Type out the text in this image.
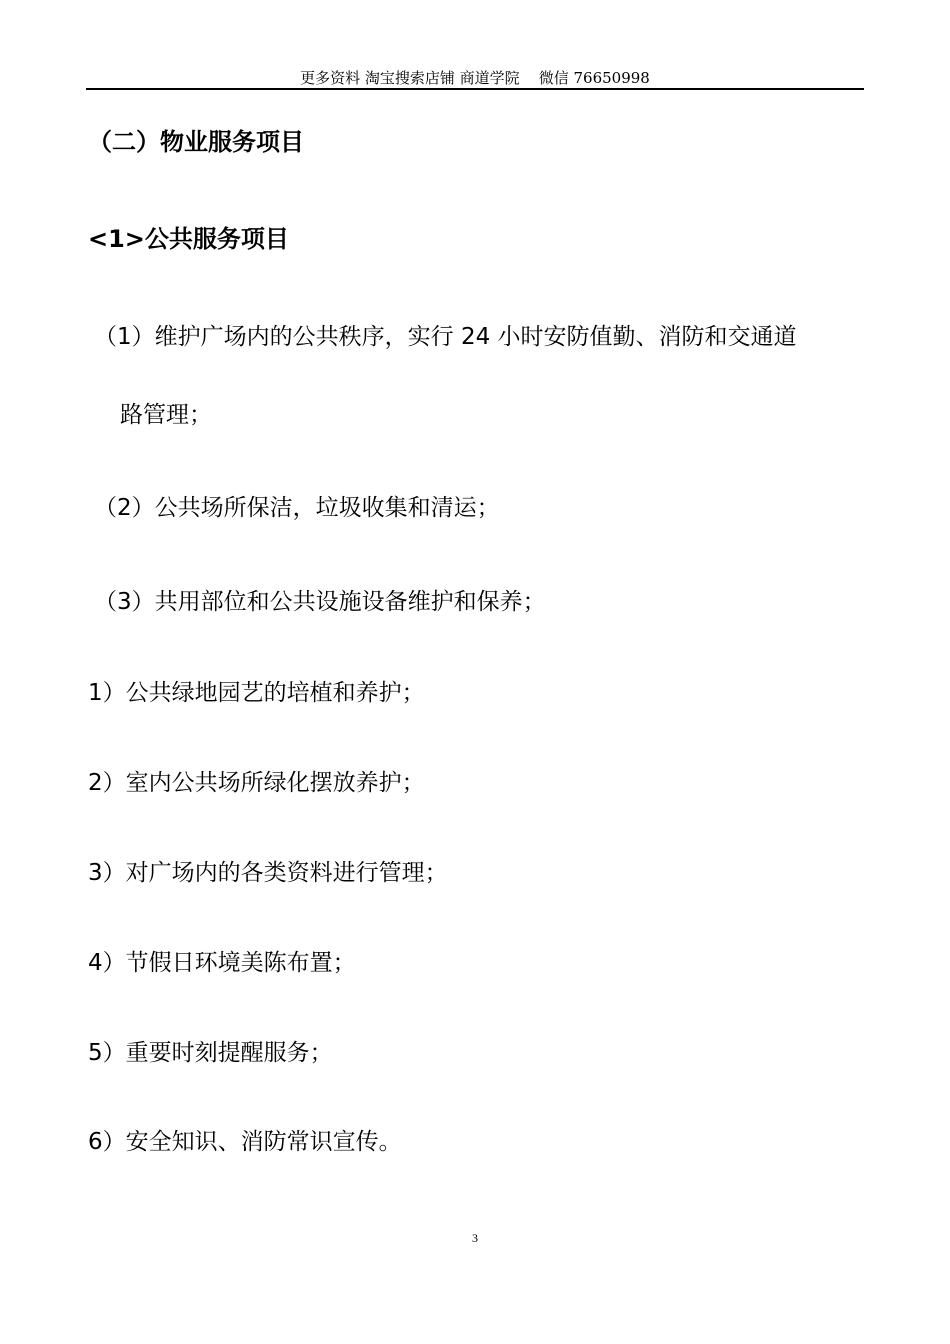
更多资料 淘宝搜索店铺 商道学院    微信 76650998
（二）物业服务项目
<1>公共服务项目
（1）维护广场内的公共秩序，实行 24 小时安防值勤、消防和交通道
路管理；
（2）公共场所保洁，垃圾收集和清运；
（3）共用部位和公共设施设备维护和保养；
1）公共绿地园艺的培植和养护；
2）室内公共场所绿化摆放养护；
3）对广场内的各类资料进行管理；
4）节假日环境美陈布置；
5）重要时刻提醒服务；
6）安全知识、消防常识宣传。
3
